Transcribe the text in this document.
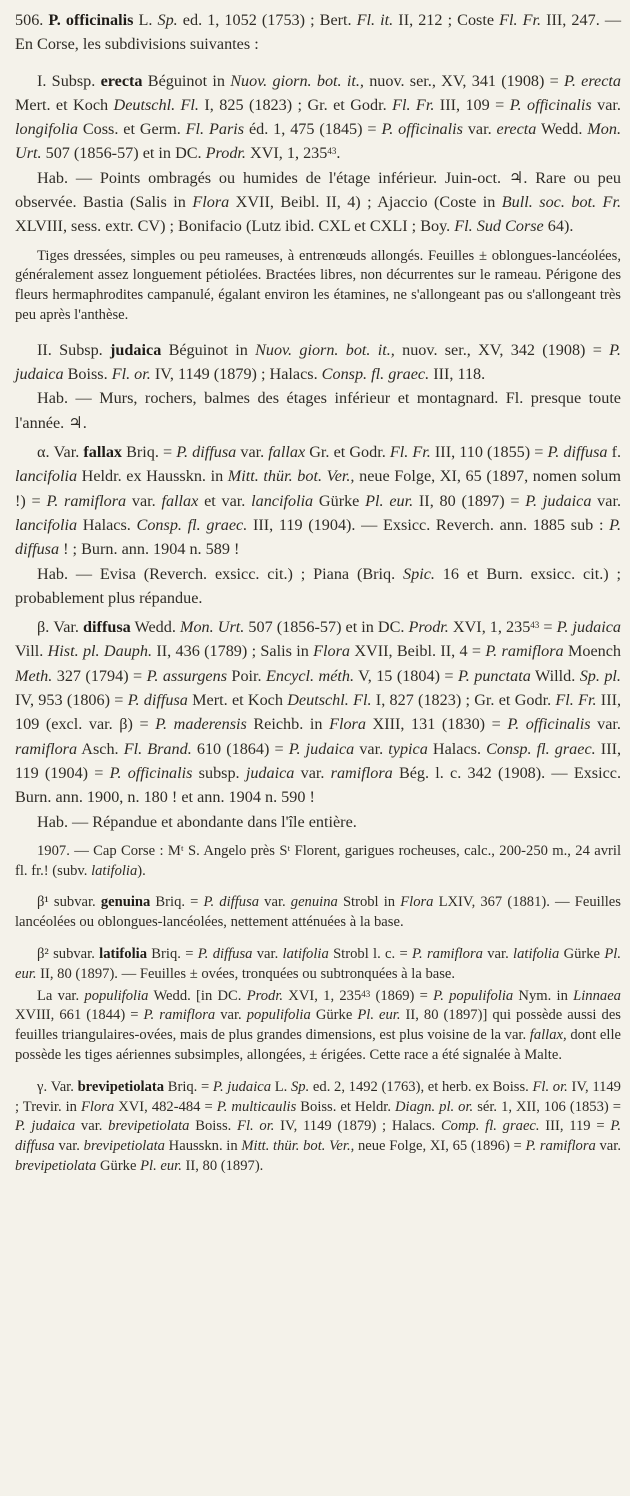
506. P. officinalis L. Sp. ed. 1, 1052 (1753) ; Bert. Fl. it. II, 212 ; Coste Fl. Fr. III, 247. — En Corse, les subdivisions suivantes :

I. Subsp. erecta Béguinot in Nuov. giorn. bot. it., nuov. ser., XV, 341 (1908) = P. erecta Mert. et Koch Deutschl. Fl. I, 825 (1823) ; Gr. et Godr. Fl. Fr. III, 109 = P. officinalis var. longifolia Coss. et Germ. Fl. Paris éd. 1, 475 (1845) = P. officinalis var. erecta Wedd. Mon. Urt. 507 (1856-57) et in DC. Prodr. XVI, 1, $235^{43}$.

Hab. — Points ombragés ou humides de l'étage inférieur. Juin-oct. ♃. Rare ou peu observée. Bastia (Salis in Flora XVII, Beibl. II, 4) ; Ajaccio (Coste in Bull. soc. bot. Fr. XLVIII, sess. extr. CV) ; Bonifacio (Lutz ibid. CXL et CXLI ; Boy. Fl. Sud Corse 64).

Tiges dressées, simples ou peu rameuses, à entrenœuds allongés. Feuilles ± oblongues-lancéolées, généralement assez longuement pétiolées. Bractées libres, non décurrentes sur le rameau. Périgone des fleurs hermaphrodites campanulé, égalant environ les étamines, ne s'allongeant pas ou s'allongeant très peu après l'anthèse.

II. Subsp. judaica Béguinot in Nuov. giorn. bot. it., nuov. ser., XV, 342 (1908) = P. judaica Boiss. Fl. or. IV, 1149 (1879) ; Halacs. Consp. fl. graec. III, 118.

Hab. — Murs, rochers, balmes des étages inférieur et montagnard. Fl. presque toute l'année. ♃.

α. Var. fallax Briq. = P. diffusa var. fallax Gr. et Godr. Fl. Fr. III, 110 (1855) = P. diffusa f. lancifolia Heldr. ex Hausskn. in Mitt. thür. bot. Ver., neue Folge, XI, 65 (1897, nomen solum !) = P. ramiflora var. fallax et var. lancifolia Gürke Pl. eur. II, 80 (1897) = P. judaica var. lancifolia Halacs. Consp. fl. graec. III, 119 (1904). — Exsicc. Reverch. ann. 1885 sub : P. diffusa ! ; Burn. ann. 1904 n. 589 !

Hab. — Evisa (Reverch. exsicc. cit.) ; Piana (Briq. Spic. 16 et Burn. exsicc. cit.) ; probablement plus répandue.

β. Var. diffusa Wedd. Mon. Urt. 507 (1856-57) et in DC. Prodr. XVI, 1, $235^{43} = P$. judaica Vill. Hist. pl. Dauph. II, 436 (1789) ; Salis in Flora XVII, Beibl. II, 4 = P. ramiflora Moench Meth. 327 (1794) = P. assurgens Poir. Encycl. méth. V, 15 (1804) = P. punctata Willd. Sp. pl. IV, 953 (1806) = P. diffusa Mert. et Koch Deutschl. Fl. I, 827 (1823) ; Gr. et Godr. Fl. Fr. III, 109 (excl. var. β) = P. maderensis Reichb. in Flora XIII, 131 (1830) = P. officinalis var. ramiflora Asch. Fl. Brand. 610 (1864) = P. judaica var. typica Halacs. Consp. fl. graec. III, 119 (1904) = P. officinalis subsp. judaica var. ramiflora Bég. l. c. 342 (1908). — Exsicc. Burn. ann. 1900, n. 180 ! et ann. 1904 n. 590 !

Hab. — Répandue et abondante dans l'île entière.

1907. — Cap Corse : Mᵗ S. Angelo près Sᵗ Florent, garigues rocheuses, calc., 200-250 m., 24 avril fl. fr.! (subv. latifolia).

β¹ subvar. genuina Briq. = P. diffusa var. genuina Strobl in Flora LXIV, 367 (1881). — Feuilles lancéolées ou oblongues-lancéolées, nettement atténuées à la base.

β² subvar. latifolia Briq. = P. diffusa var. latifolia Strobl l. c. = P. ramiflora var. latifolia Gürke Pl. eur. II, 80 (1897). — Feuilles ± ovées, tronquées ou subtronquées à la base.

La var. populifolia Wedd. [in DC. Prodr. XVI, 1, $235^{43}$ (1869) = P. populifolia Nym. in Linnaea XVIII, 661 (1844) = P. ramiflora var. populifolia Gürke Pl. eur. II, 80 (1897)] qui possède aussi des feuilles triangulaires-ovées, mais de plus grandes dimensions, est plus voisine de la var. fallax, dont elle possède les tiges aériennes subsimples, allongées, ± érigées. Cette race a été signalée à Malte.

γ. Var. brevipetiolata Briq. = P. judaica L. Sp. ed. 2, 1492 (1763), et herb. ex Boiss. Fl. or. IV, 1149 ; Trevir. in Flora XVI, 482-484 = P. multicaulis Boiss. et Heldr. Diagn. pl. or. sér. 1, XII, 106 (1853) = P. judaica var. brevipetiolata Boiss. Fl. or. IV, 1149 (1879) ; Halacs. Comp. fl. graec. III, 119 = P. diffusa var. brevipetiolata Hausskn. in Mitt. thür. bot. Ver., neue Folge, XI, 65 (1896) = P. ramiflora var. brevipetiolata Gürke Pl. eur. II, 80 (1897).
